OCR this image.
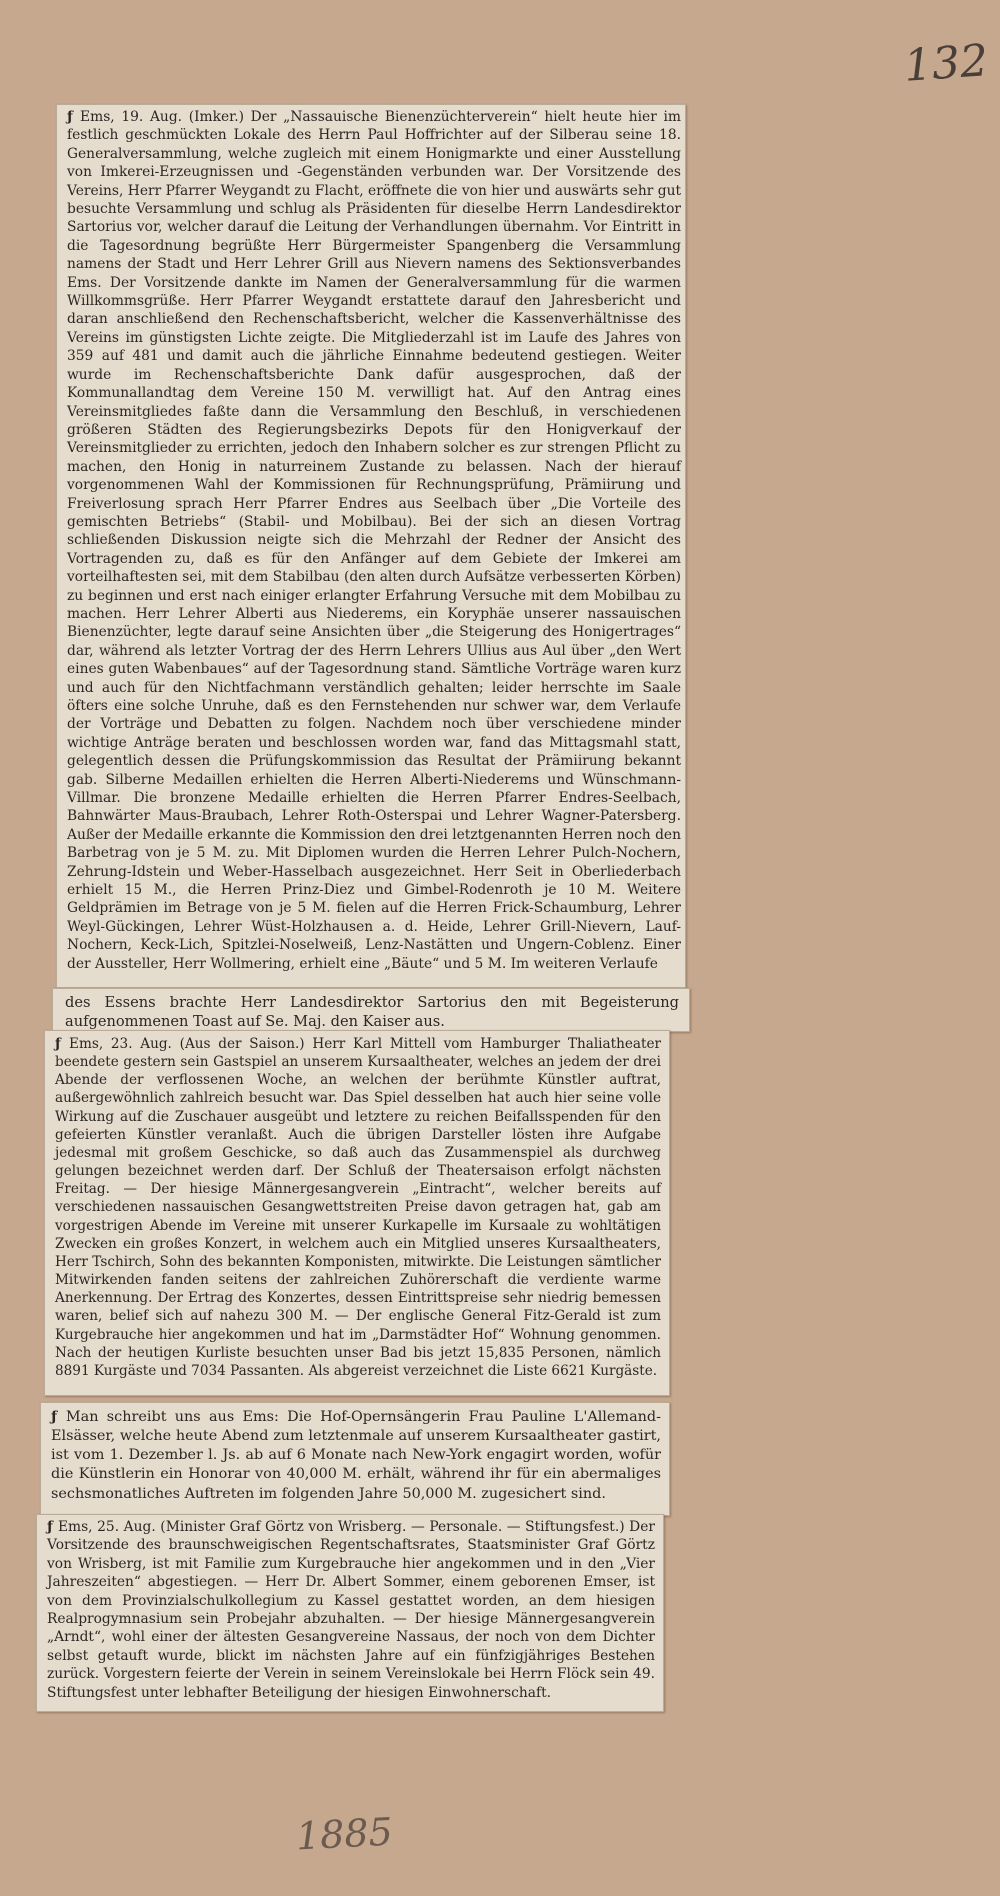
132

ƒ Ems, 19. Aug. (Imker.) Der „Nassauische Bienenzüchterverein“ hielt heute hier im festlich geschmückten Lokale des Herrn Paul Hoffrichter auf der Silberau seine 18. Generalversammlung, welche zugleich mit einem Honigmarkte und einer Ausstellung von Imkerei-Erzeugnissen und -Gegenständen verbunden war. Der Vorsitzende des Vereins, Herr Pfarrer Weygandt zu Flacht, eröffnete die von hier und auswärts sehr gut besuchte Versammlung und schlug als Präsidenten für dieselbe Herrn Landesdirektor Sartorius vor, welcher darauf die Leitung der Verhandlungen übernahm. Vor Eintritt in die Tagesordnung begrüßte Herr Bürgermeister Spangenberg die Versammlung namens der Stadt und Herr Lehrer Grill aus Nievern namens des Sektionsverbandes Ems. Der Vorsitzende dankte im Namen der Generalversammlung für die warmen Willkommsgrüße. Herr Pfarrer Weygandt erstattete darauf den Jahresbericht und daran anschließend den Rechenschaftsbericht, welcher die Kassenverhältnisse des Vereins im günstigsten Lichte zeigte. Die Mitgliederzahl ist im Laufe des Jahres von 359 auf 481 und damit auch die jährliche Einnahme bedeutend gestiegen. Weiter wurde im Rechenschaftsberichte Dank dafür ausgesprochen, daß der Kommunallandtag dem Vereine 150 M. verwilligt hat. Auf den Antrag eines Vereinsmitgliedes faßte dann die Versammlung den Beschluß, in verschiedenen größeren Städten des Regierungsbezirks Depots für den Honigverkauf der Vereinsmitglieder zu errichten, jedoch den Inhabern solcher es zur strengen Pflicht zu machen, den Honig in naturreinem Zustande zu belassen. Nach der hierauf vorgenommenen Wahl der Kommissionen für Rechnungsprüfung, Prämiirung und Freiverlosung sprach Herr Pfarrer Endres aus Seelbach über „Die Vorteile des gemischten Betriebs“ (Stabil- und Mobilbau). Bei der sich an diesen Vortrag schließenden Diskussion neigte sich die Mehrzahl der Redner der Ansicht des Vortragenden zu, daß es für den Anfänger auf dem Gebiete der Imkerei am vorteilhaftesten sei, mit dem Stabilbau (den alten durch Aufsätze verbesserten Körben) zu beginnen und erst nach einiger erlangter Erfahrung Versuche mit dem Mobilbau zu machen. Herr Lehrer Alberti aus Niederems, ein Koryphäe unserer nassauischen Bienenzüchter, legte darauf seine Ansichten über „die Steigerung des Honigertrages“ dar, während als letzter Vortrag der des Herrn Lehrers Ullius aus Aul über „den Wert eines guten Wabenbaues“ auf der Tagesordnung stand. Sämtliche Vorträge waren kurz und auch für den Nichtfachmann verständlich gehalten; leider herrschte im Saale öfters eine solche Unruhe, daß es den Fernstehenden nur schwer war, dem Verlaufe der Vorträge und Debatten zu folgen. Nachdem noch über verschiedene minder wichtige Anträge beraten und beschlossen worden war, fand das Mittagsmahl statt, gelegentlich dessen die Prüfungskommission das Resultat der Prämiirung bekannt gab. Silberne Medaillen erhielten die Herren Alberti-Niederems und Wünschmann-Villmar. Die bronzene Medaille erhielten die Herren Pfarrer Endres-Seelbach, Bahnwärter Maus-Braubach, Lehrer Roth-Osterspai und Lehrer Wagner-Patersberg. Außer der Medaille erkannte die Kommission den drei letztgenannten Herren noch den Barbetrag von je 5 M. zu. Mit Diplomen wurden die Herren Lehrer Pulch-Nochern, Zehrung-Idstein und Weber-Hasselbach ausgezeichnet. Herr Seit in Oberliederbach erhielt 15 M., die Herren Prinz-Diez und Gimbel-Rodenroth je 10 M. Weitere Geldprämien im Betrage von je 5 M. fielen auf die Herren Frick-Schaumburg, Lehrer Weyl-Gückingen, Lehrer Wüst-Holzhausen a. d. Heide, Lehrer Grill-Nievern, Lauf-Nochern, Keck-Lich, Spitzlei-Noselweiß, Lenz-Nastätten und Ungern-Coblenz. Einer der Aussteller, Herr Wollmering, erhielt eine „Bäute“ und 5 M. Im weiteren Verlaufe

des Essens brachte Herr Landesdirektor Sartorius den mit Begeisterung aufgenommenen Toast auf Se. Maj. den Kaiser aus.

ƒ Ems, 23. Aug. (Aus der Saison.) Herr Karl Mittell vom Hamburger Thaliatheater beendete gestern sein Gastspiel an unserem Kursaaltheater, welches an jedem der drei Abende der verflossenen Woche, an welchen der berühmte Künstler auftrat, außergewöhnlich zahlreich besucht war. Das Spiel desselben hat auch hier seine volle Wirkung auf die Zuschauer ausgeübt und letztere zu reichen Beifallsspenden für den gefeierten Künstler veranlaßt. Auch die übrigen Darsteller lösten ihre Aufgabe jedesmal mit großem Geschicke, so daß auch das Zusammenspiel als durchweg gelungen bezeichnet werden darf. Der Schluß der Theatersaison erfolgt nächsten Freitag. — Der hiesige Männergesangverein „Eintracht“, welcher bereits auf verschiedenen nassauischen Gesangwettstreiten Preise davon getragen hat, gab am vorgestrigen Abende im Vereine mit unserer Kurkapelle im Kursaale zu wohltätigen Zwecken ein großes Konzert, in welchem auch ein Mitglied unseres Kursaaltheaters, Herr Tschirch, Sohn des bekannten Komponisten, mitwirkte. Die Leistungen sämtlicher Mitwirkenden fanden seitens der zahlreichen Zuhörerschaft die verdiente warme Anerkennung. Der Ertrag des Konzertes, dessen Eintrittspreise sehr niedrig bemessen waren, belief sich auf nahezu 300 M. — Der englische General Fitz-Gerald ist zum Kurgebrauche hier angekommen und hat im „Darmstädter Hof“ Wohnung genommen. Nach der heutigen Kurliste besuchten unser Bad bis jetzt 15,835 Personen, nämlich 8891 Kurgäste und 7034 Passanten. Als abgereist verzeichnet die Liste 6621 Kurgäste.

ƒ Man schreibt uns aus Ems: Die Hof-Opernsängerin Frau Pauline L'Allemand-Elsässer, welche heute Abend zum letztenmale auf unserem Kursaaltheater gastirt, ist vom 1. Dezember l. Js. ab auf 6 Monate nach New-York engagirt worden, wofür die Künstlerin ein Honorar von 40,000 M. erhält, während ihr für ein abermaliges sechsmonatliches Auftreten im folgenden Jahre 50,000 M. zugesichert sind.

ƒ Ems, 25. Aug. (Minister Graf Görtz von Wrisberg. — Personale. — Stiftungsfest.) Der Vorsitzende des braunschweigischen Regentschaftsrates, Staatsminister Graf Görtz von Wrisberg, ist mit Familie zum Kurgebrauche hier angekommen und in den „Vier Jahreszeiten“ abgestiegen. — Herr Dr. Albert Sommer, einem geborenen Emser, ist von dem Provinzialschulkollegium zu Kassel gestattet worden, an dem hiesigen Realprogymnasium sein Probejahr abzuhalten. — Der hiesige Männergesangverein „Arndt“, wohl einer der ältesten Gesangvereine Nassaus, der noch von dem Dichter selbst getauft wurde, blickt im nächsten Jahre auf ein fünfzigjähriges Bestehen zurück. Vorgestern feierte der Verein in seinem Vereinslokale bei Herrn Flöck sein 49. Stiftungsfest unter lebhafter Beteiligung der hiesigen Einwohnerschaft.

1885
